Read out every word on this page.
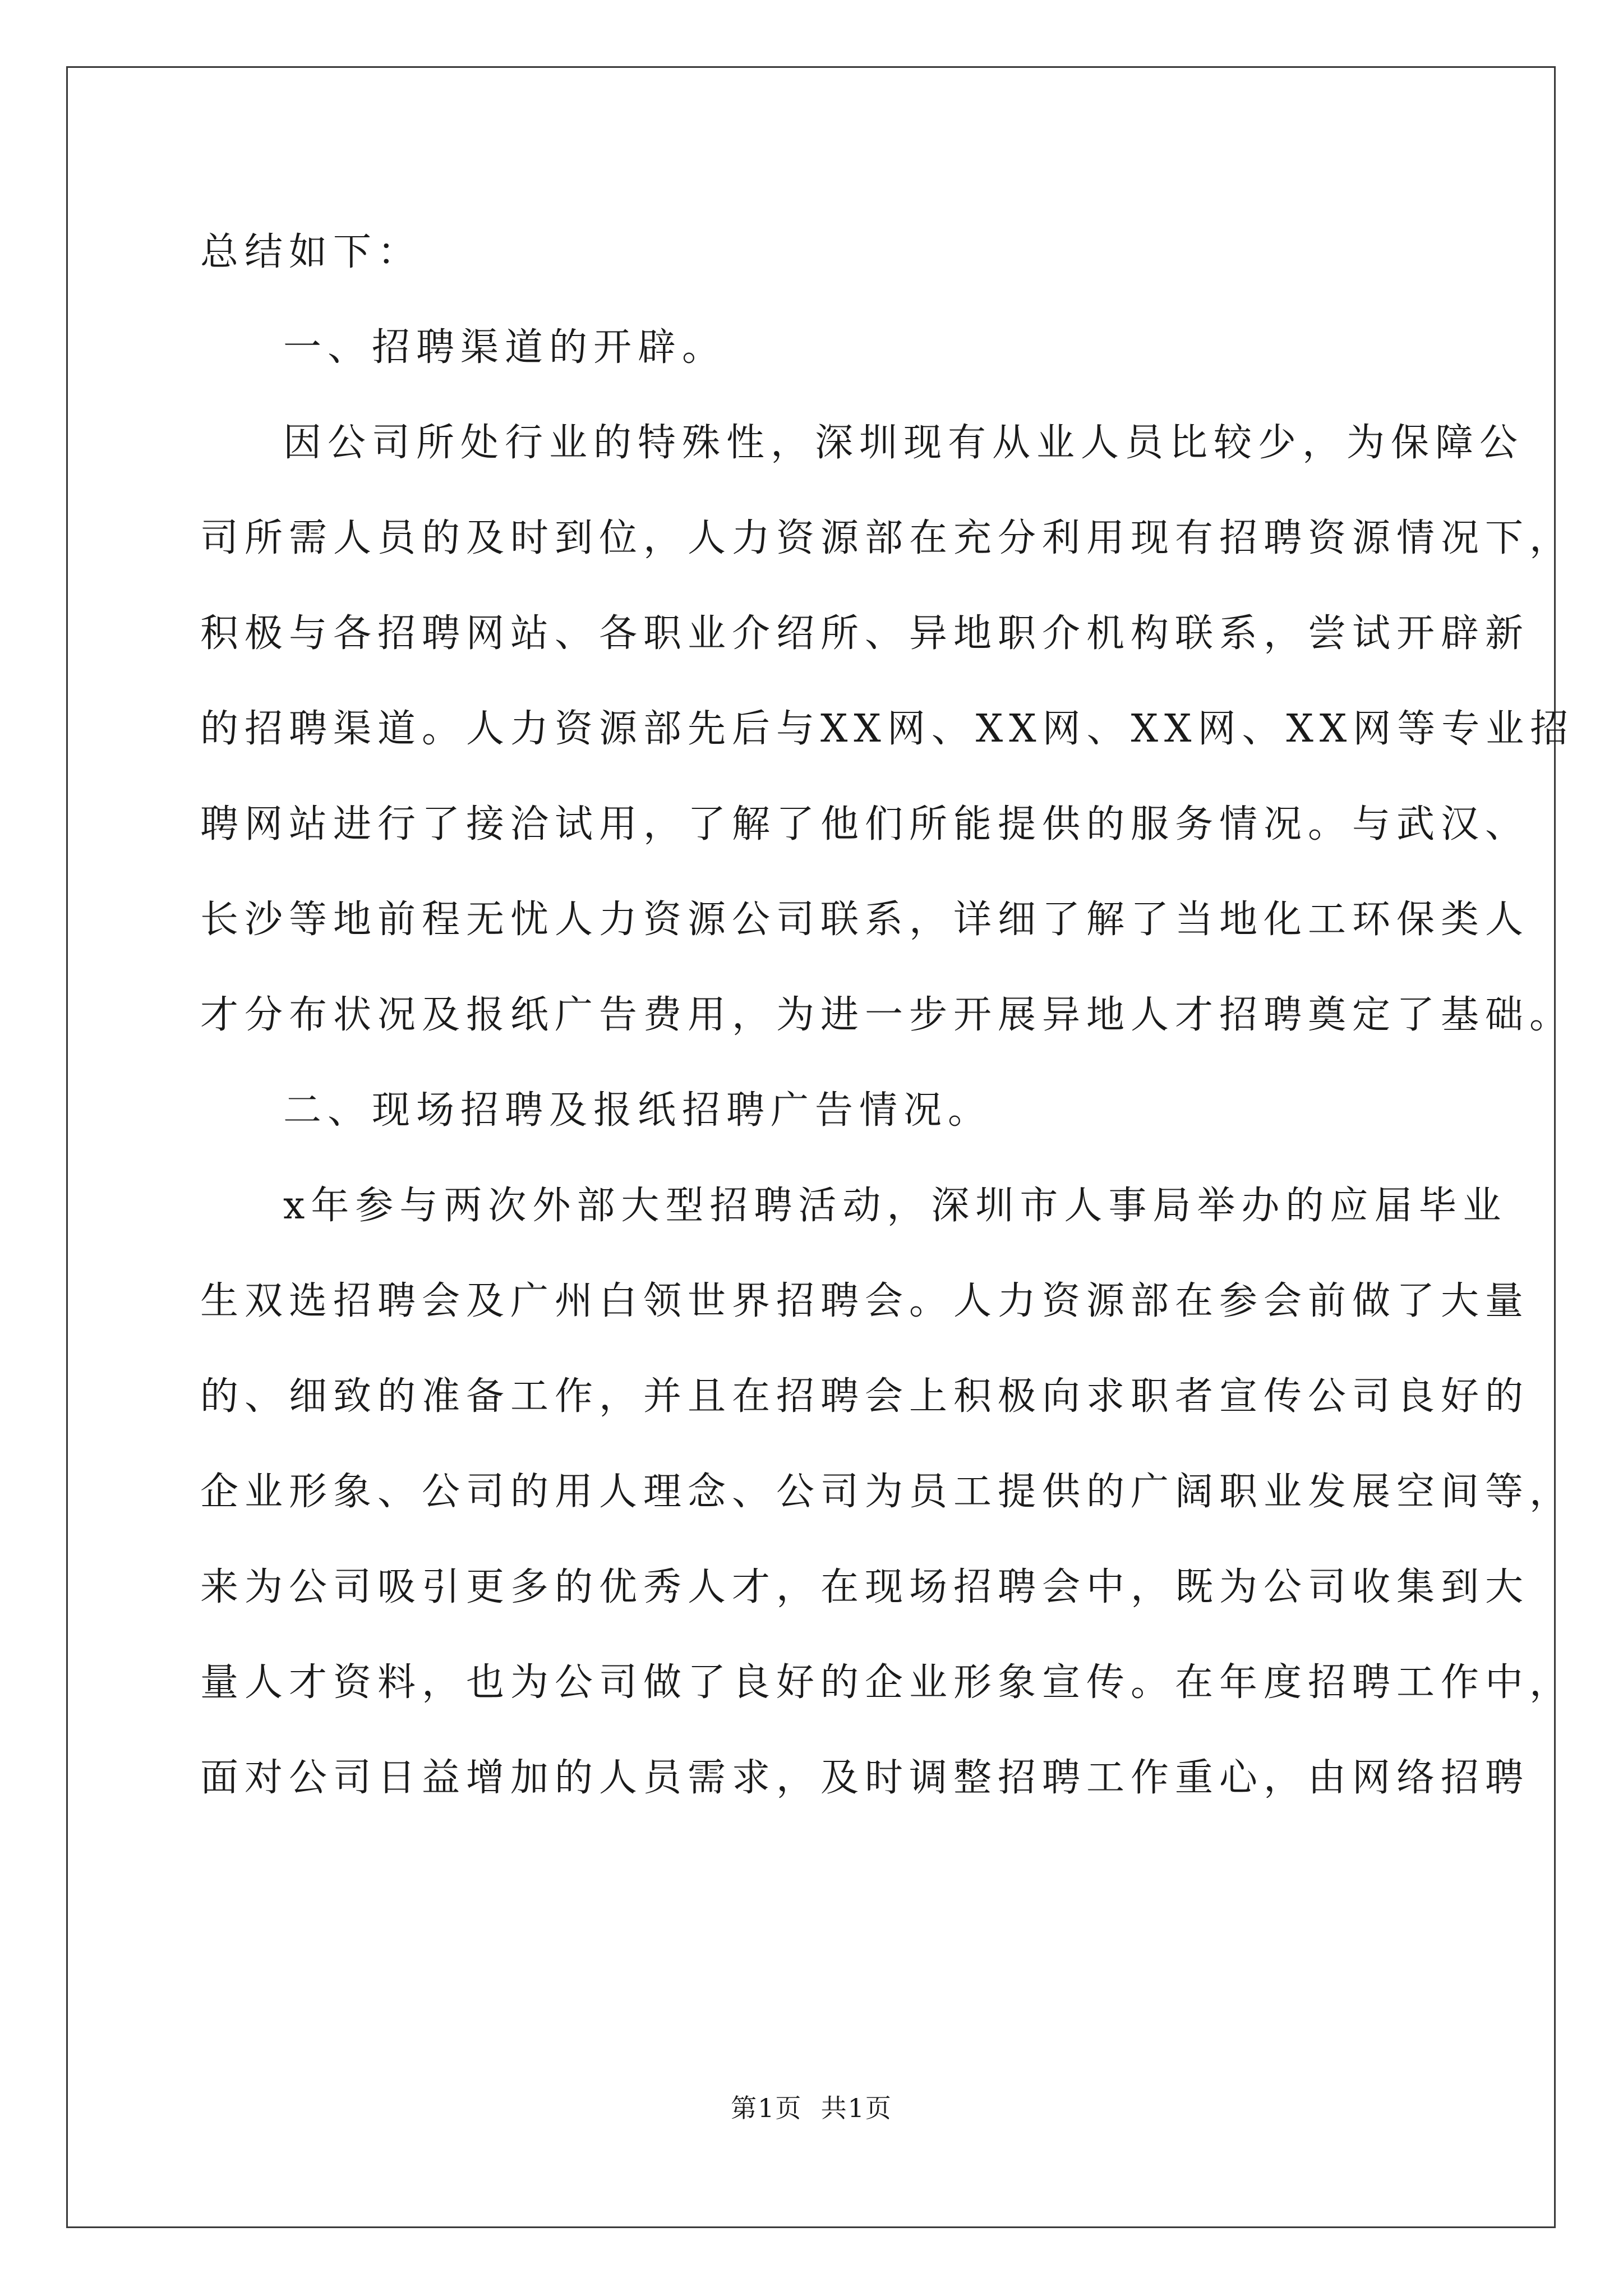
总结如下：
一、招聘渠道的开辟。
因公司所处行业的特殊性，深圳现有从业人员比较少，为保障公
司所需人员的及时到位，人力资源部在充分利用现有招聘资源情况下，
积极与各招聘网站、各职业介绍所、异地职介机构联系，尝试开辟新
的招聘渠道。人力资源部先后与XX网、XX网、XX网、XX网等专业招
聘网站进行了接洽试用，了解了他们所能提供的服务情况。与武汉、
长沙等地前程无忧人力资源公司联系，详细了解了当地化工环保类人
才分布状况及报纸广告费用，为进一步开展异地人才招聘奠定了基础。
二、现场招聘及报纸招聘广告情况。
x年参与两次外部大型招聘活动，深圳市人事局举办的应届毕业
生双选招聘会及广州白领世界招聘会。人力资源部在参会前做了大量
的、细致的准备工作，并且在招聘会上积极向求职者宣传公司良好的
企业形象、公司的用人理念、公司为员工提供的广阔职业发展空间等，
来为公司吸引更多的优秀人才，在现场招聘会中，既为公司收集到大
量人才资料，也为公司做了良好的企业形象宣传。在年度招聘工作中，
面对公司日益增加的人员需求，及时调整招聘工作重心，由网络招聘
第1页  共1页
